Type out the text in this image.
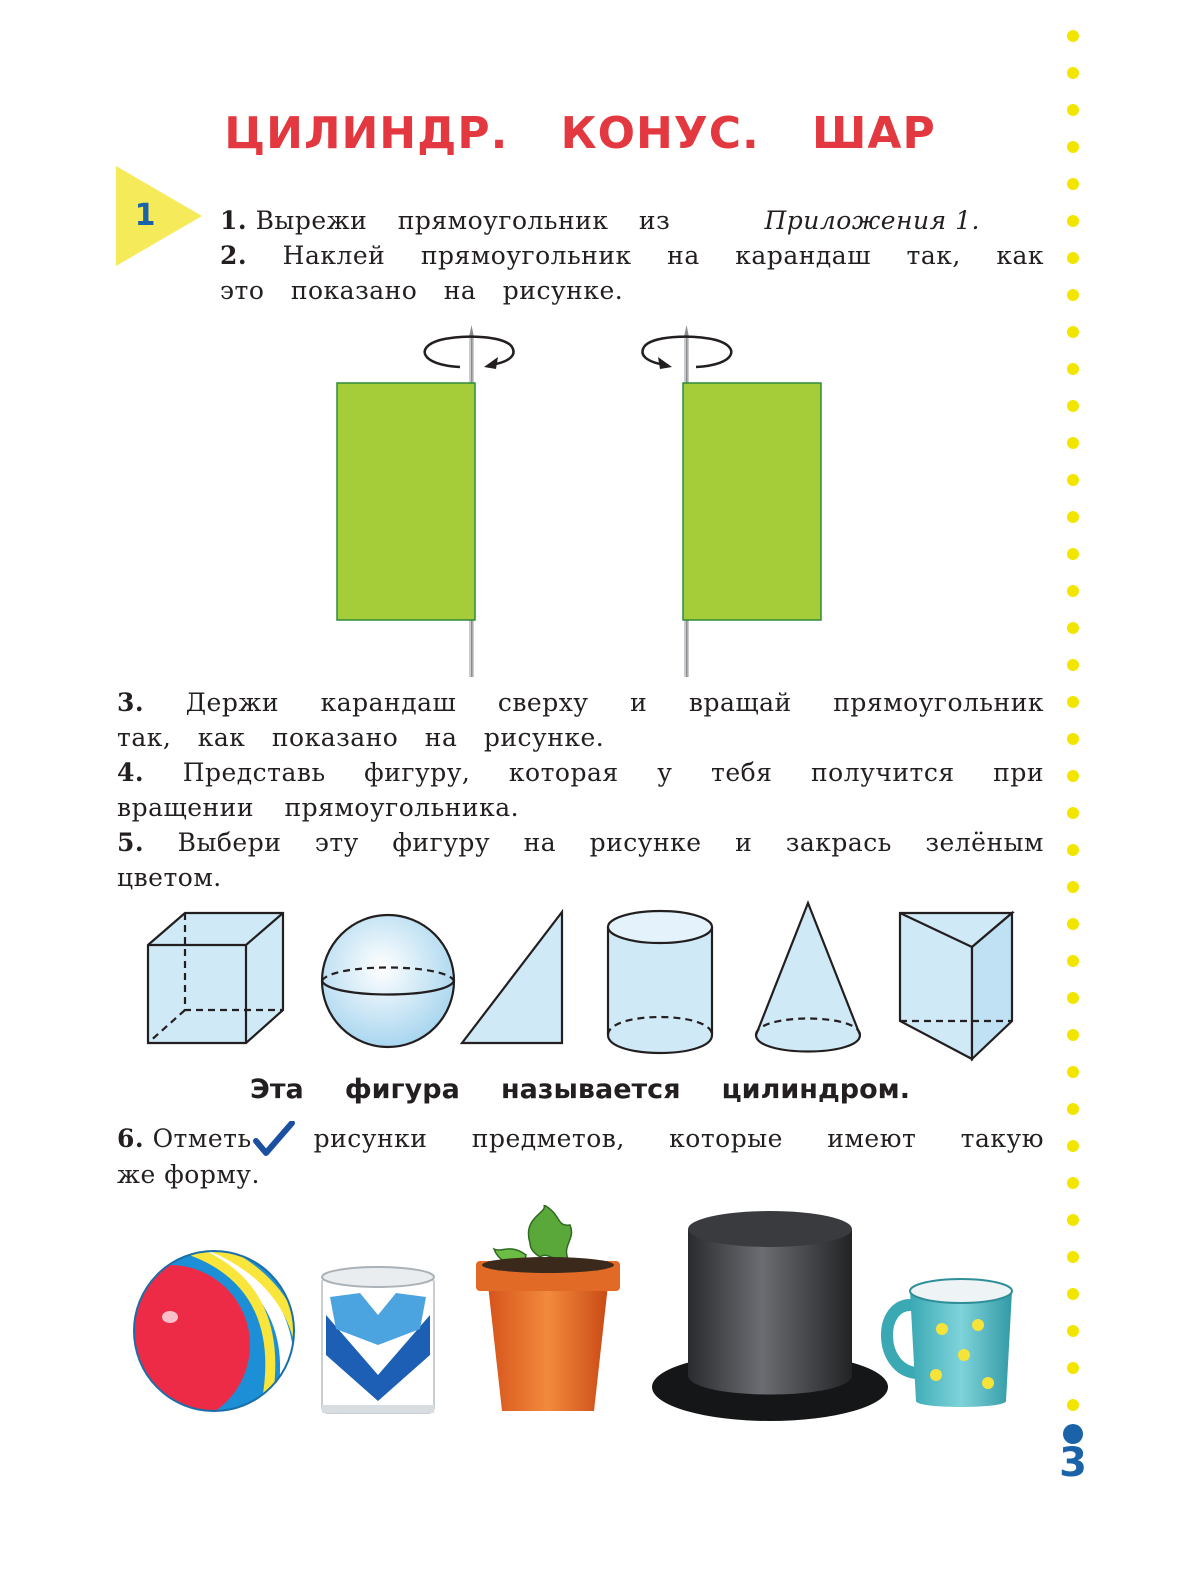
ЦИЛИНДР. КОНУС. ШАР
1	1. Вырежи прямоугольник из	Приложения 1.
2. Наклей прямоугольник на карандаш так, как
это показано на рисунке.
3. Держи карандаш сверху и вращай прямоугольник
так, как показано на рисунке.
4. Представь фигуру, которая у тебя получится при
вращении прямоугольника.
5. Выбери эту фигуру на рисунке и закрась зелёным
цветом.
Эта фигура называется цилиндром.
6. Отметь рисунки предметов, которые имеют такую
же форму.
3
